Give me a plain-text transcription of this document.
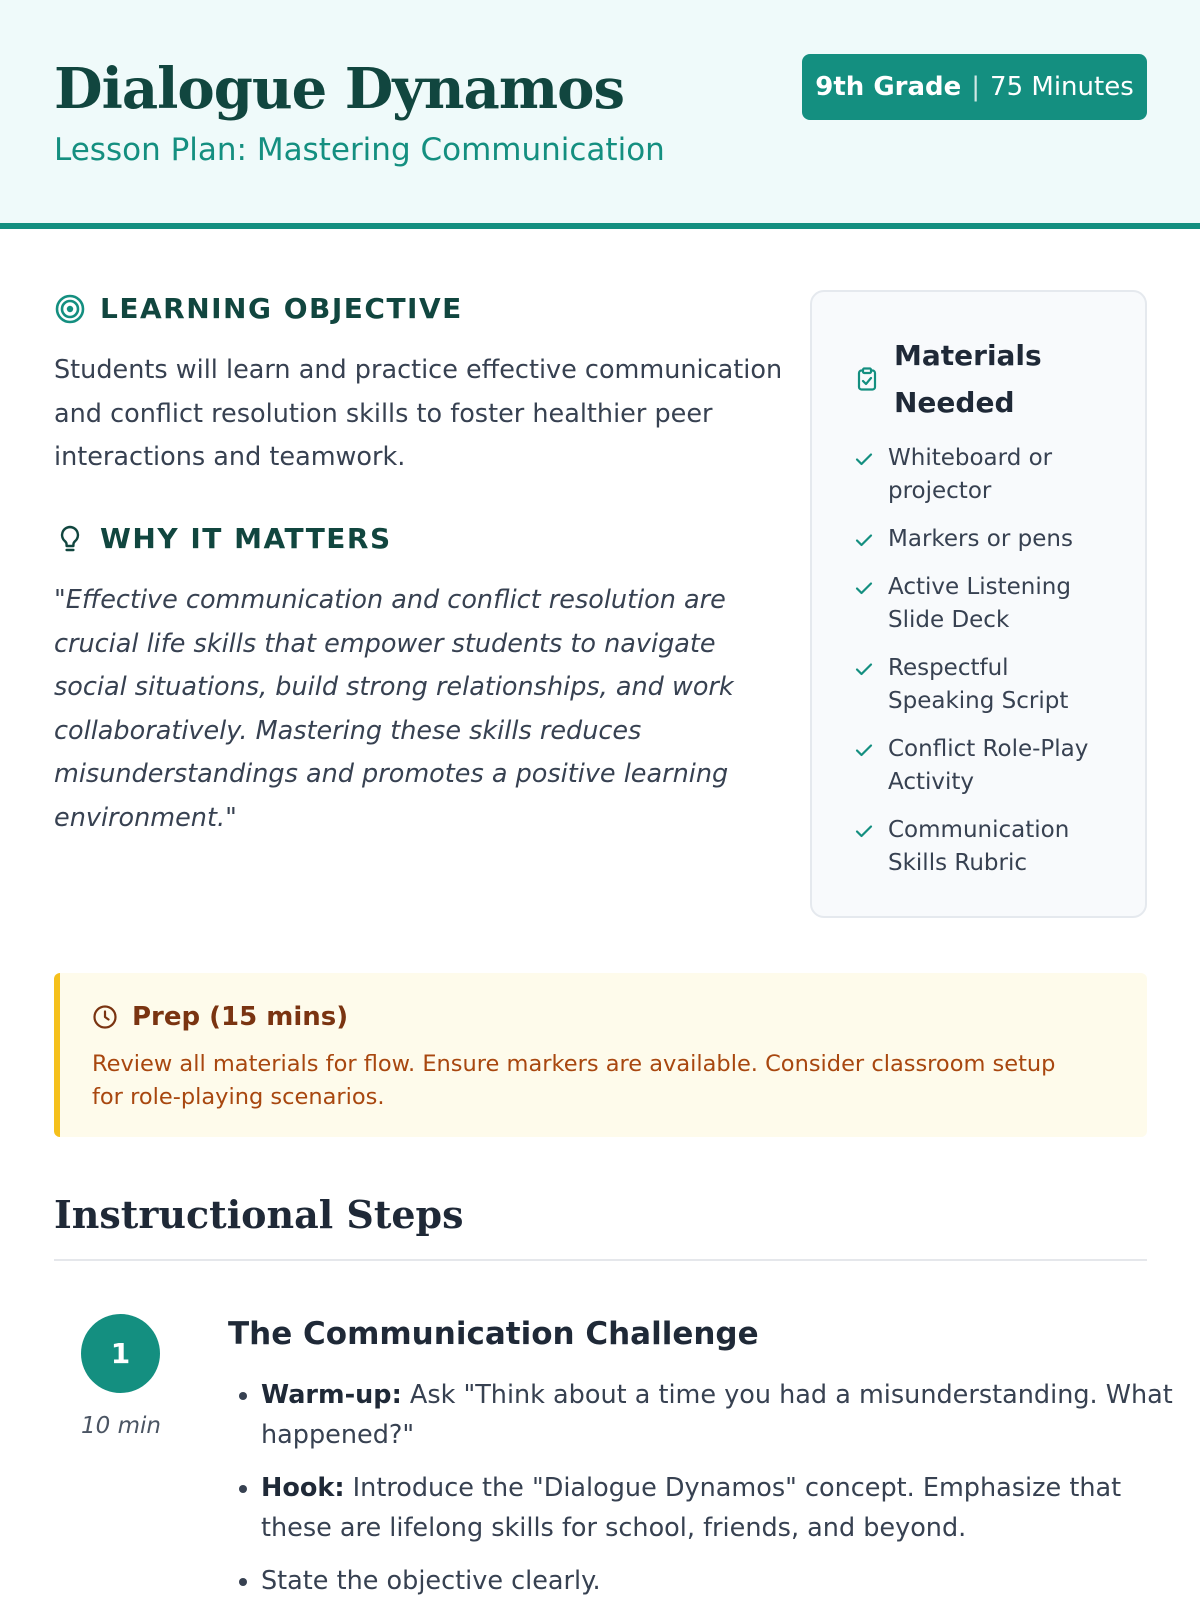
Dialogue Dynamos

Lesson Plan: Mastering Communication

9th Grade | 75 Minutes
LEARNING OBJECTIVE

Students will learn and practice effective communication and conflict resolution skills to foster healthier peer interactions and teamwork.

WHY IT MATTERS

"Effective communication and conflict resolution are crucial life skills that empower students to navigate social situations, build strong relationships, and work collaboratively. Mastering these skills reduces misunderstandings and promotes a positive learning environment."

Materials Needed
Whiteboard or projector
Markers or pens
Active Listening Slide Deck
Respectful Speaking Script
Conflict Role-Play Activity
Communication Skills Rubric
Prep (15 mins)

Review all materials for flow. Ensure markers are available. Consider classroom setup for role-playing scenarios.

Instructional Steps
1
10 min
The Communication Challenge
• Warm-up: Ask "Think about a time you had a misunderstanding. What happened?"
• Hook: Introduce the "Dialogue Dynamos" concept. Emphasize that these are lifelong skills for school, friends, and beyond.
• State the objective clearly.
